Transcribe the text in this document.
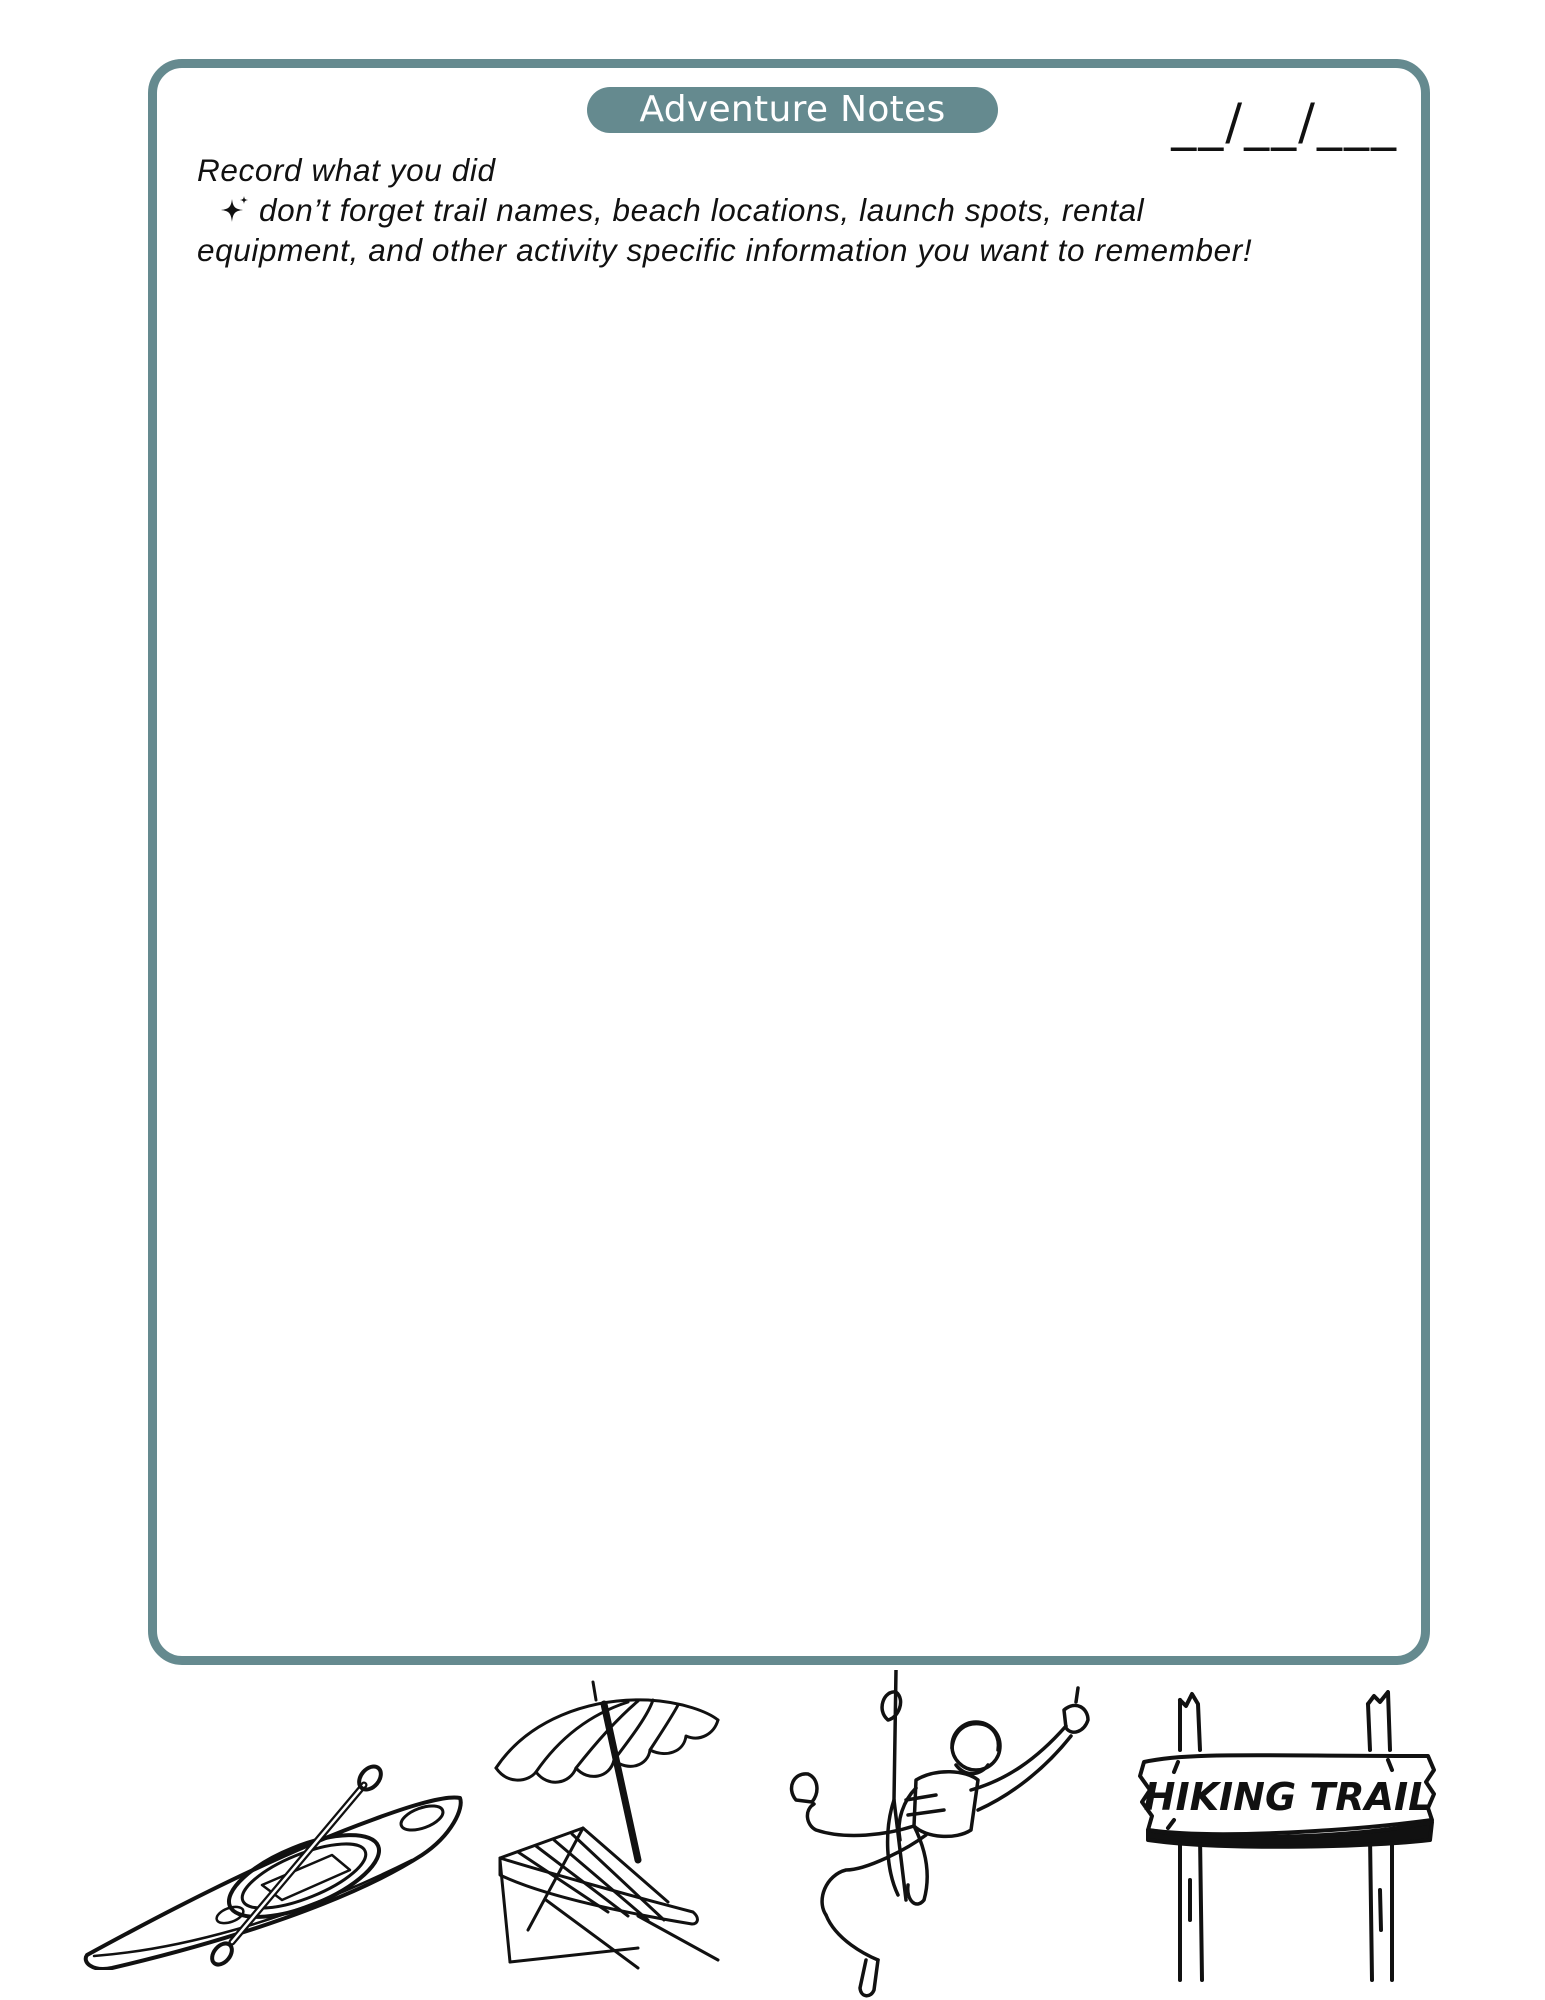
Adventure Notes	__/__/___
Record what you did
don’t forget trail names, beach locations, launch spots, rental
equipment, and other activity specific information you want to remember!
HIKING TRAIL
